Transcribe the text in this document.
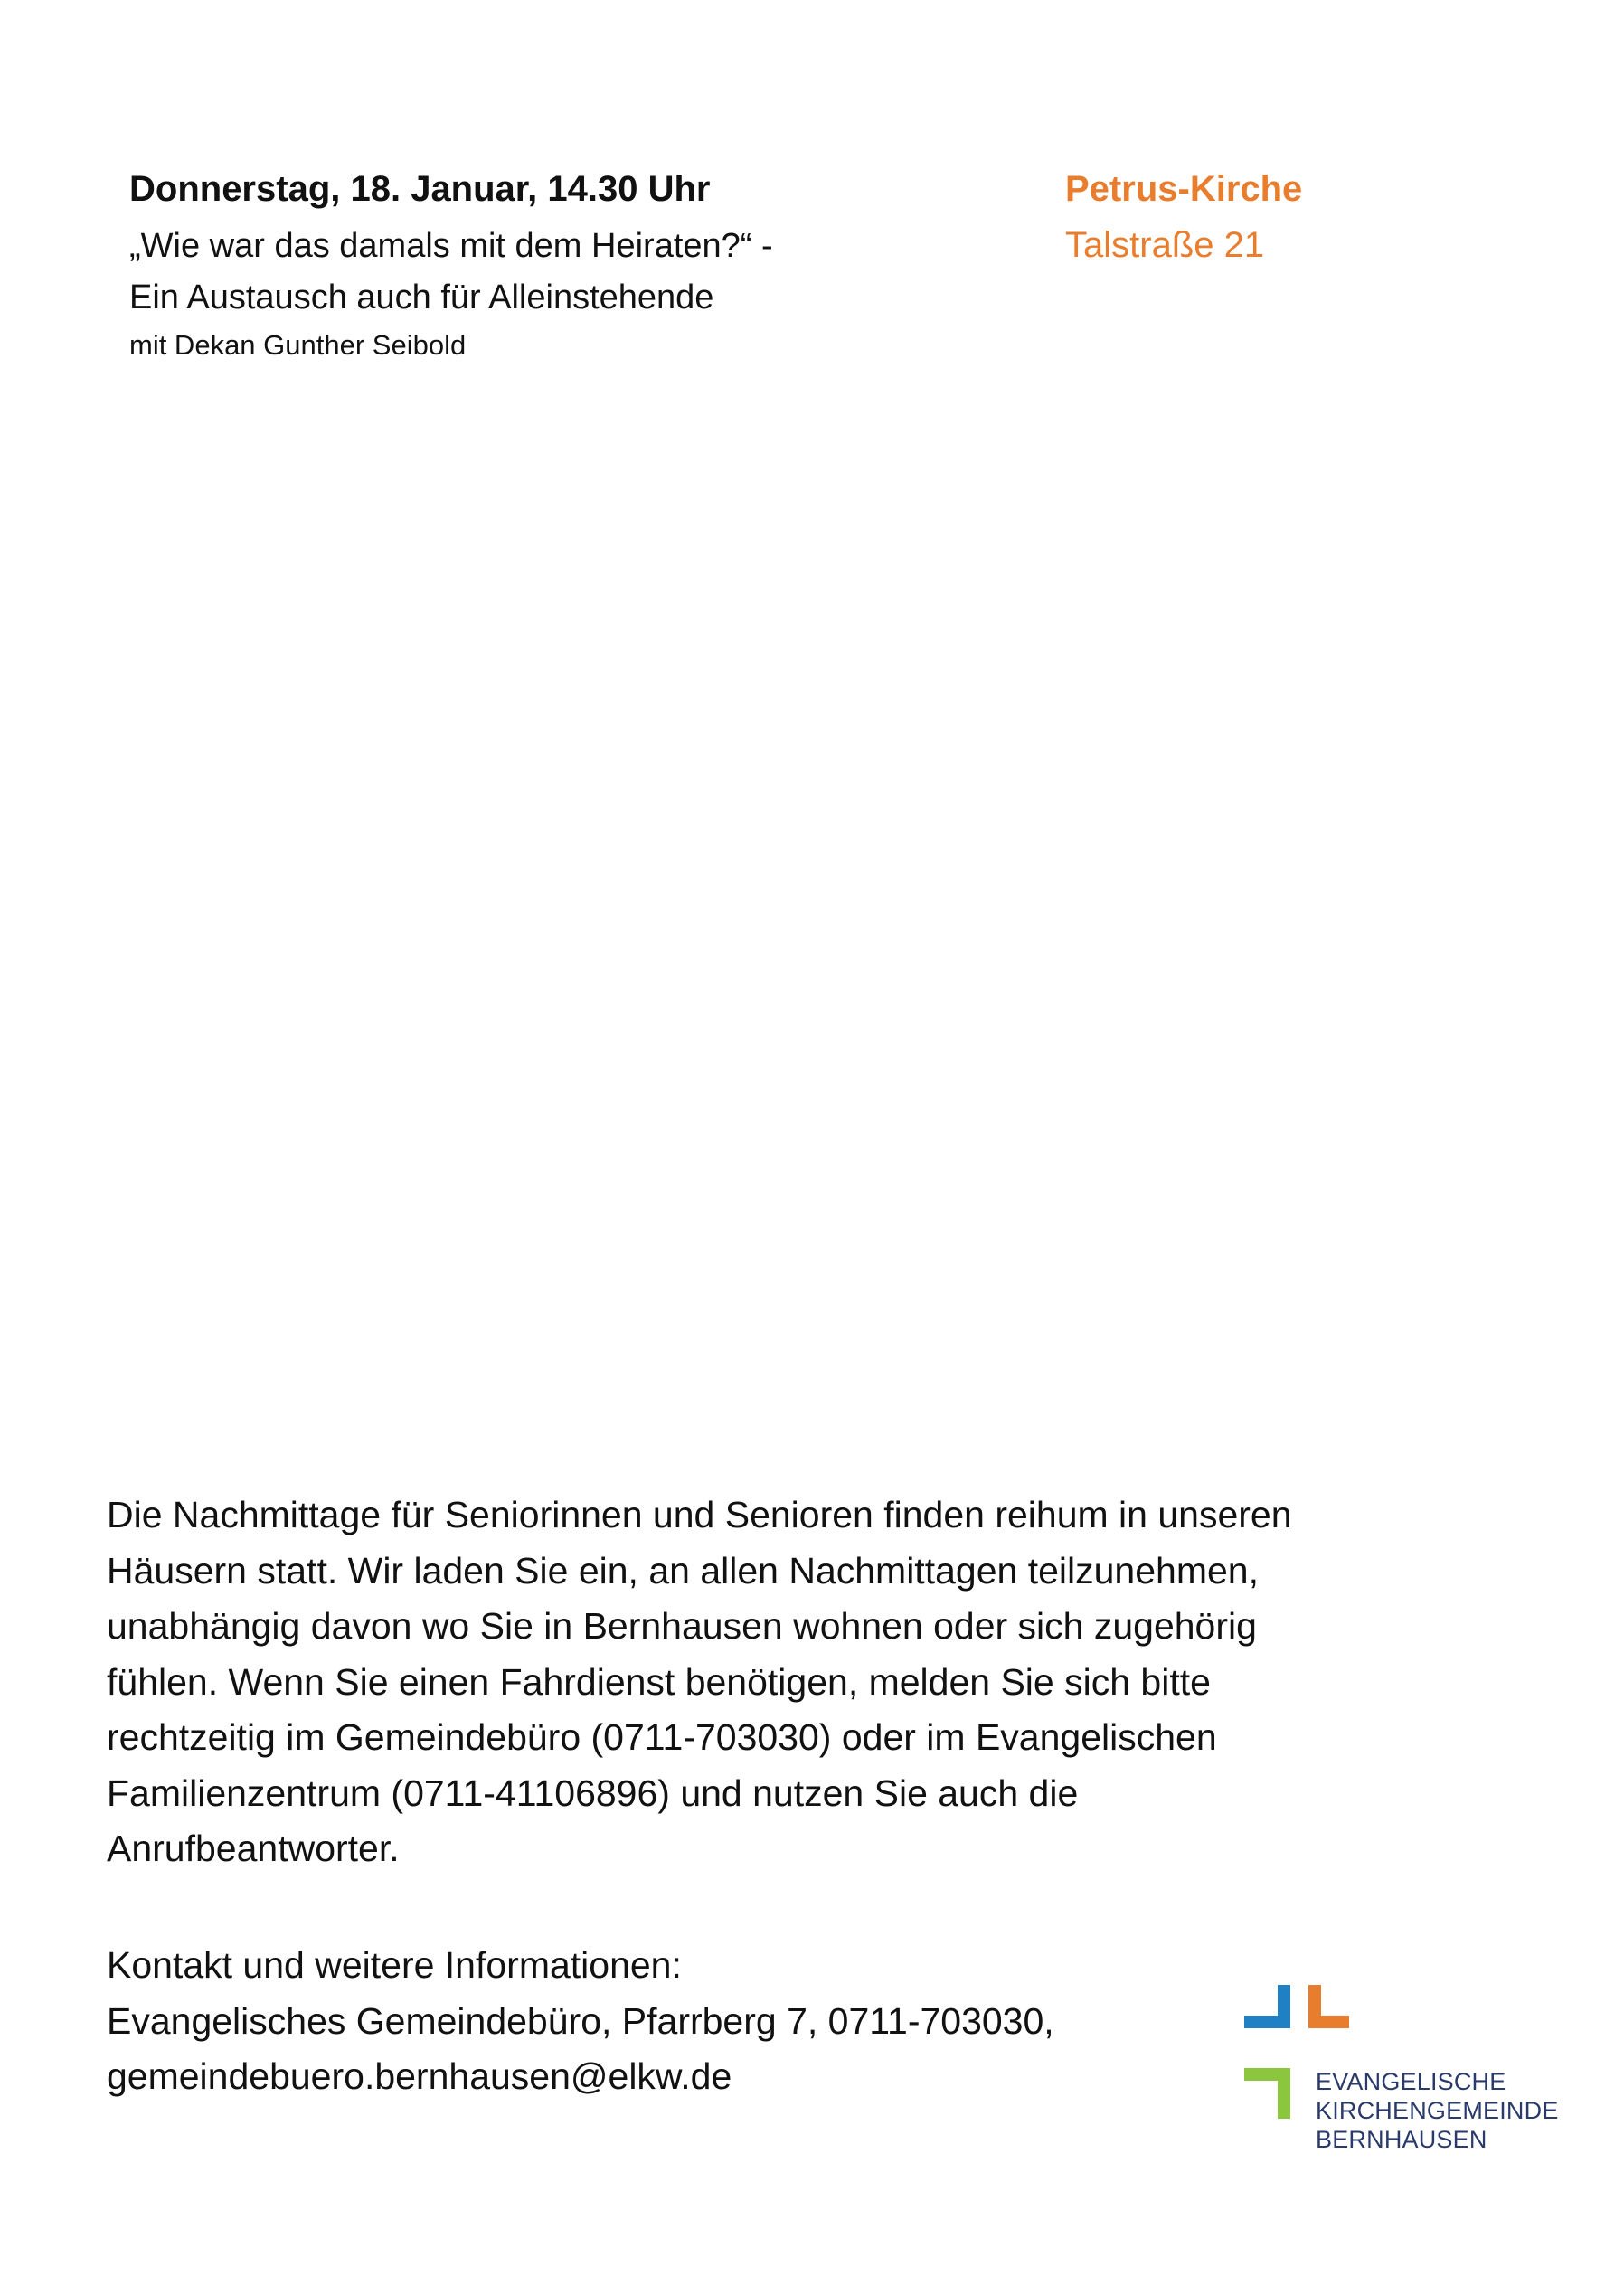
Donnerstag, 18. Januar, 14.30 Uhr
„Wie war das damals mit dem Heiraten?“ -
Ein Austausch auch für Alleinstehende
mit Dekan Gunther Seibold
Petrus-Kirche
Talstraße 21
Die Nachmittage für Seniorinnen und Senioren finden reihum in unseren
Häusern statt. Wir laden Sie ein, an allen Nachmittagen teilzunehmen,
unabhängig davon wo Sie in Bernhausen wohnen oder sich zugehörig
fühlen. Wenn Sie einen Fahrdienst benötigen, melden Sie sich bitte
rechtzeitig im Gemeindebüro (0711-703030) oder im Evangelischen
Familienzentrum (0711-41106896) und nutzen Sie auch die
Anrufbeantworter.
Kontakt und weitere Informationen:
Evangelisches Gemeindebüro, Pfarrberg 7, 0711-703030,
gemeindebuero.bernhausen@elkw.de	EVANGELISCHE
KIRCHENGEMEINDE
BERNHAUSEN
